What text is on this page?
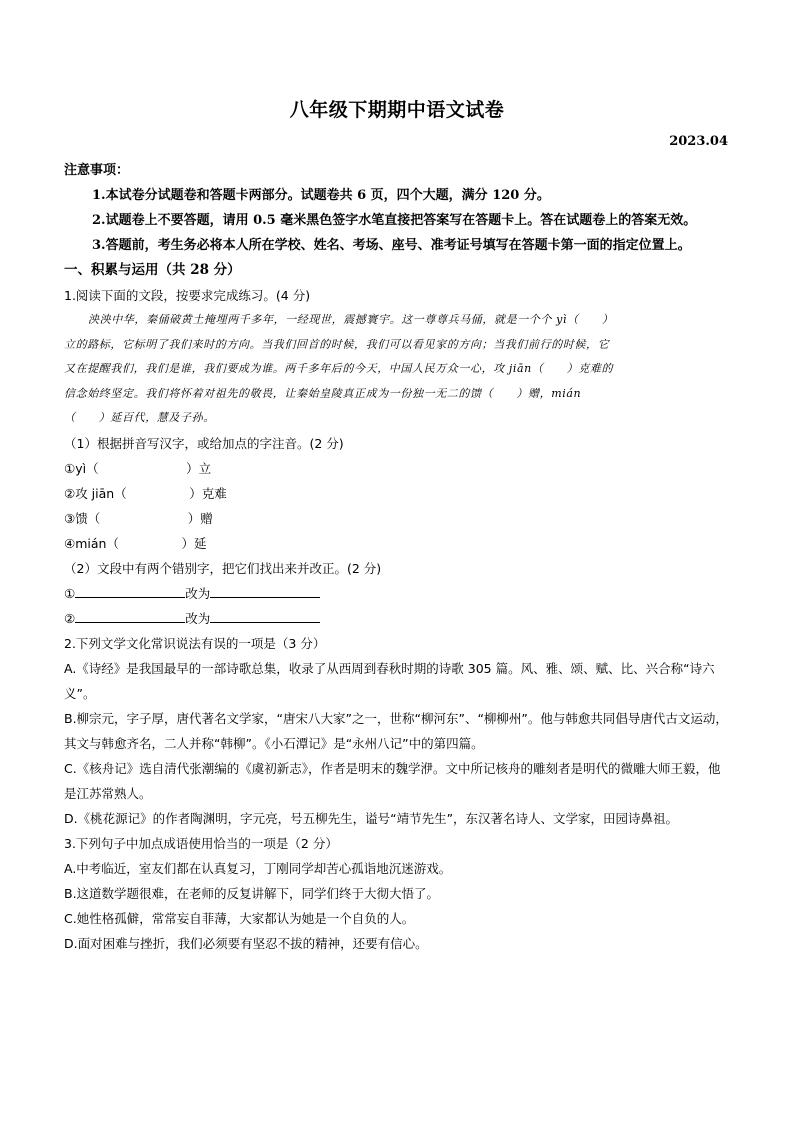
八年级下期期中语文试卷
2023.04

注意事项：

1.本试卷分试题卷和答题卡两部分。试题卷共 6 页，四个大题，满分 120 分。

2.试题卷上不要答题，请用 0.5 毫米黑色签字水笔直接把答案写在答题卡上。答在试题卷上的答案无效。

3.答题前，考生务必将本人所在学校、姓名、考场、座号、准考证号填写在答题卡第一面的指定位置上。

一、积累与运用（共 28 分）

1.阅读下面的文段，按要求完成练习。(4 分)

泱泱中华，秦俑破黄土掩埋两千多年，一经现世，震撼寰宇。这一尊尊兵马俑，就是一个个 yì（　　）

立的路标，它标明了我们来时的方向。当我们回首的时候，我们可以看见家的方向；当我们前行的时候，它

又在提醒我们，我们是谁，我们要成为谁。两千多年后的今天，中国人民万众一心，攻 jiān（　　）克难的

信念始终坚定。我们将怀着对祖先的敬畏，让秦始皇陵真正成为一份独一无二的馈（　　）赠，mián

（　　）延百代，慧及子孙。

（1）根据拼音写汉字，或给加点的字注音。(2 分)

①yì（　　　　　　　）立

②攻 jiān（　　　　　）克难

③馈（　　　　　　　）赠

④mián（　　　　　）延

（2）文段中有两个错别字，把它们找出来并改正。(2 分)

①	改为

②	改为

2.下列文学文化常识说法有误的一项是（3 分）

A.《诗经》是我国最早的一部诗歌总集，收录了从西周到春秋时期的诗歌 305 篇。风、雅、颂、赋、比、兴合称“诗六义”。

B.柳宗元，字子厚，唐代著名文学家，“唐宋八大家”之一，世称“柳河东”、“柳柳州”。他与韩愈共同倡导唐代古文运动，其文与韩愈齐名，二人并称“韩柳”。《小石潭记》是“永州八记”中的第四篇。

C.《核舟记》选自清代张潮编的《虞初新志》，作者是明末的魏学洢。文中所记核舟的雕刻者是明代的微雕大师王毅，他是江苏常熟人。

D.《桃花源记》的作者陶渊明，字元亮，号五柳先生，谥号“靖节先生”，东汉著名诗人、文学家，田园诗鼻祖。

3.下列句子中加点成语使用恰当的一项是（2 分）

A.中考临近，室友们都在认真复习，丁刚同学却苦心孤诣地沉迷游戏。

B.这道数学题很难，在老师的反复讲解下，同学们终于大彻大悟了。

C.她性格孤僻，常常妄自菲薄，大家都认为她是一个自负的人。

D.面对困难与挫折，我们必须要有坚忍不拔的精神，还要有信心。
